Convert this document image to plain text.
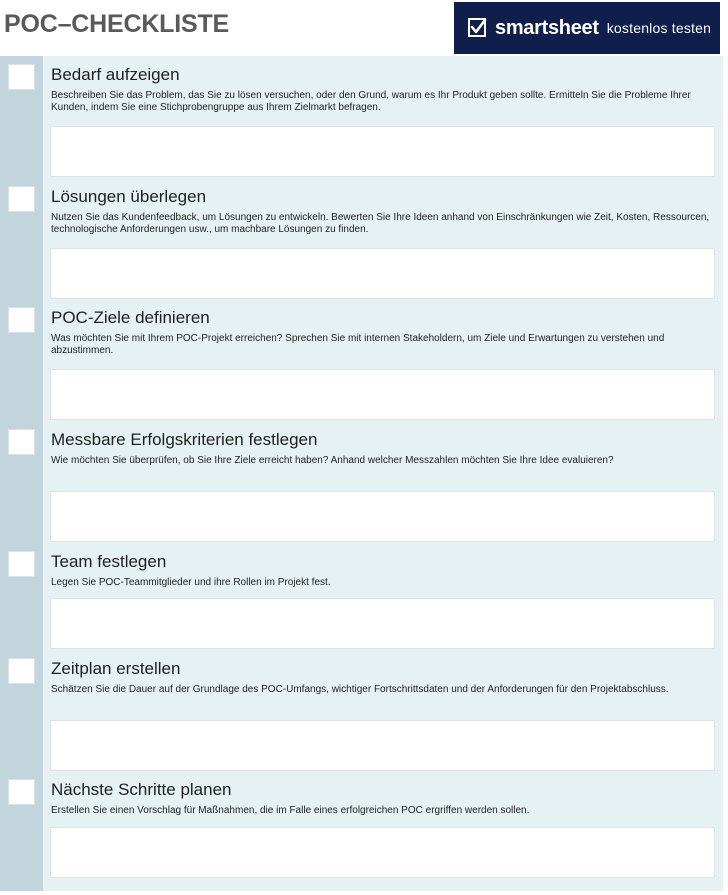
POC–CHECKLISTE	smartsheet kostenlos testen
Bedarf aufzeigen
Beschreiben Sie das Problem, das Sie zu lösen versuchen, oder den Grund, warum es Ihr Produkt geben sollte. Ermitteln Sie die Probleme Ihrer Kunden, indem Sie eine Stichprobengruppe aus Ihrem Zielmarkt befragen.
Lösungen überlegen
Nutzen Sie das Kundenfeedback, um Lösungen zu entwickeln. Bewerten Sie Ihre Ideen anhand von Einschränkungen wie Zeit, Kosten, Ressourcen, technologische Anforderungen usw., um machbare Lösungen zu finden.
POC-Ziele definieren
Was möchten Sie mit Ihrem POC-Projekt erreichen? Sprechen Sie mit internen Stakeholdern, um Ziele und Erwartungen zu verstehen und abzustimmen.
Messbare Erfolgskriterien festlegen
Wie möchten Sie überprüfen, ob Sie Ihre Ziele erreicht haben? Anhand welcher Messzahlen möchten Sie Ihre Idee evaluieren?
Team festlegen
Legen Sie POC-Teammitglieder und ihre Rollen im Projekt fest.
Zeitplan erstellen
Schätzen Sie die Dauer auf der Grundlage des POC-Umfangs, wichtiger Fortschrittsdaten und der Anforderungen für den Projektabschluss.
Nächste Schritte planen
Erstellen Sie einen Vorschlag für Maßnahmen, die im Falle eines erfolgreichen POC ergriffen werden sollen.
